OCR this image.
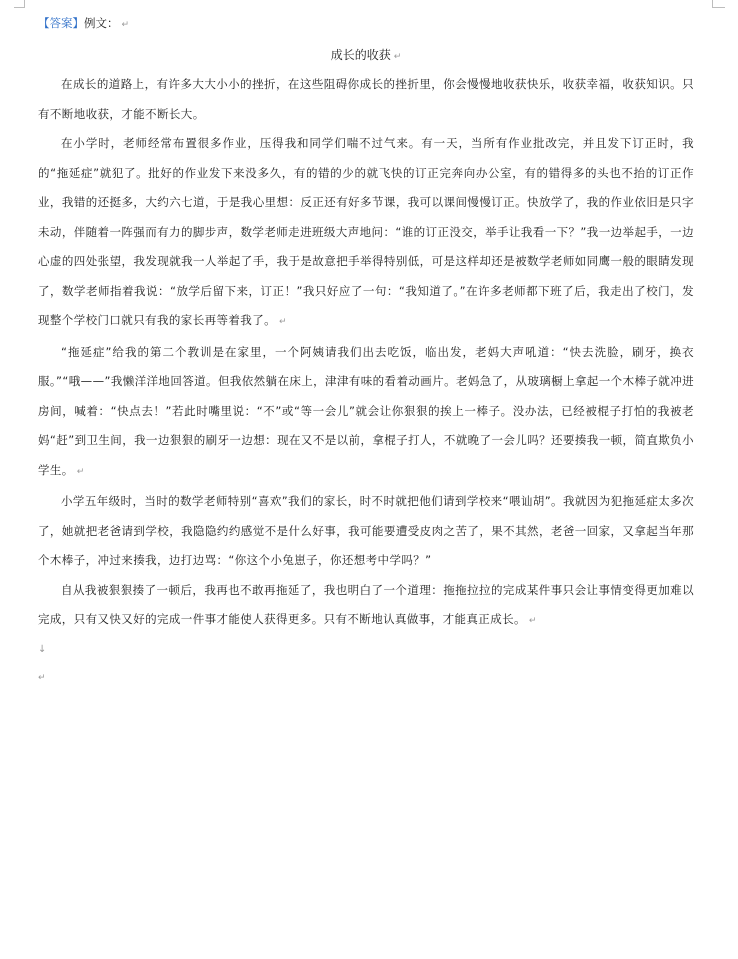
【答案】例文： ↵
成长的收获 ↵

在成长的道路上，有许多大大小小的挫折，在这些阻碍你成长的挫折里，你会慢慢地收获快乐，收获幸福，收获知识。只有不断地收获，才能不断长大。

在小学时，老师经常布置很多作业，压得我和同学们喘不过气来。有一天，当所有作业批改完，并且发下订正时，我的“拖延症”就犯了。批好的作业发下来没多久，有的错的少的就飞快的订正完奔向办公室，有的错得多的头也不抬的订正作业，我错的还挺多，大约六七道，于是我心里想：反正还有好多节课，我可以课间慢慢订正。快放学了，我的作业依旧是只字未动，伴随着一阵强而有力的脚步声，数学老师走进班级大声地问：“谁的订正没交，举手让我看一下？”我一边举起手，一边心虚的四处张望，我发现就我一人举起了手，我于是故意把手举得特别低，可是这样却还是被数学老师如同鹰一般的眼睛发现了，数学老师指着我说：“放学后留下来，订正！”我只好应了一句：“我知道了。”在许多老师都下班了后，我走出了校门，发现整个学校门口就只有我的家长再等着我了。 ↵

“拖延症”给我的第二个教训是在家里，一个阿姨请我们出去吃饭，临出发，老妈大声吼道：“快去洗脸，刷牙，换衣服。”“哦——”我懒洋洋地回答道。但我依然躺在床上，津津有味的看着动画片。老妈急了，从玻璃橱上拿起一个木棒子就冲进房间，喊着：“快点去！”若此时嘴里说：“不”或“等一会儿”就会让你狠狠的挨上一棒子。没办法，已经被棍子打怕的我被老妈“赶”到卫生间，我一边狠狠的刷牙一边想：现在又不是以前，拿棍子打人，不就晚了一会儿吗？还要揍我一顿，简直欺负小学生。 ↵

小学五年级时，当时的数学老师特别“喜欢”我们的家长，时不时就把他们请到学校来“喂讪胡”。我就因为犯拖延症太多次了，她就把老爸请到学校，我隐隐约约感觉不是什么好事，我可能要遭受皮肉之苦了，果不其然，老爸一回家，又拿起当年那个木棒子，冲过来揍我，边打边骂：“你这个小兔崽子，你还想考中学吗？”

自从我被狠狠揍了一顿后，我再也不敢再拖延了，我也明白了一个道理：拖拖拉拉的完成某件事只会让事情变得更加难以完成，只有又快又好的完成一件事才能使人获得更多。只有不断地认真做事，才能真正成长。 ↵

↓
↵
